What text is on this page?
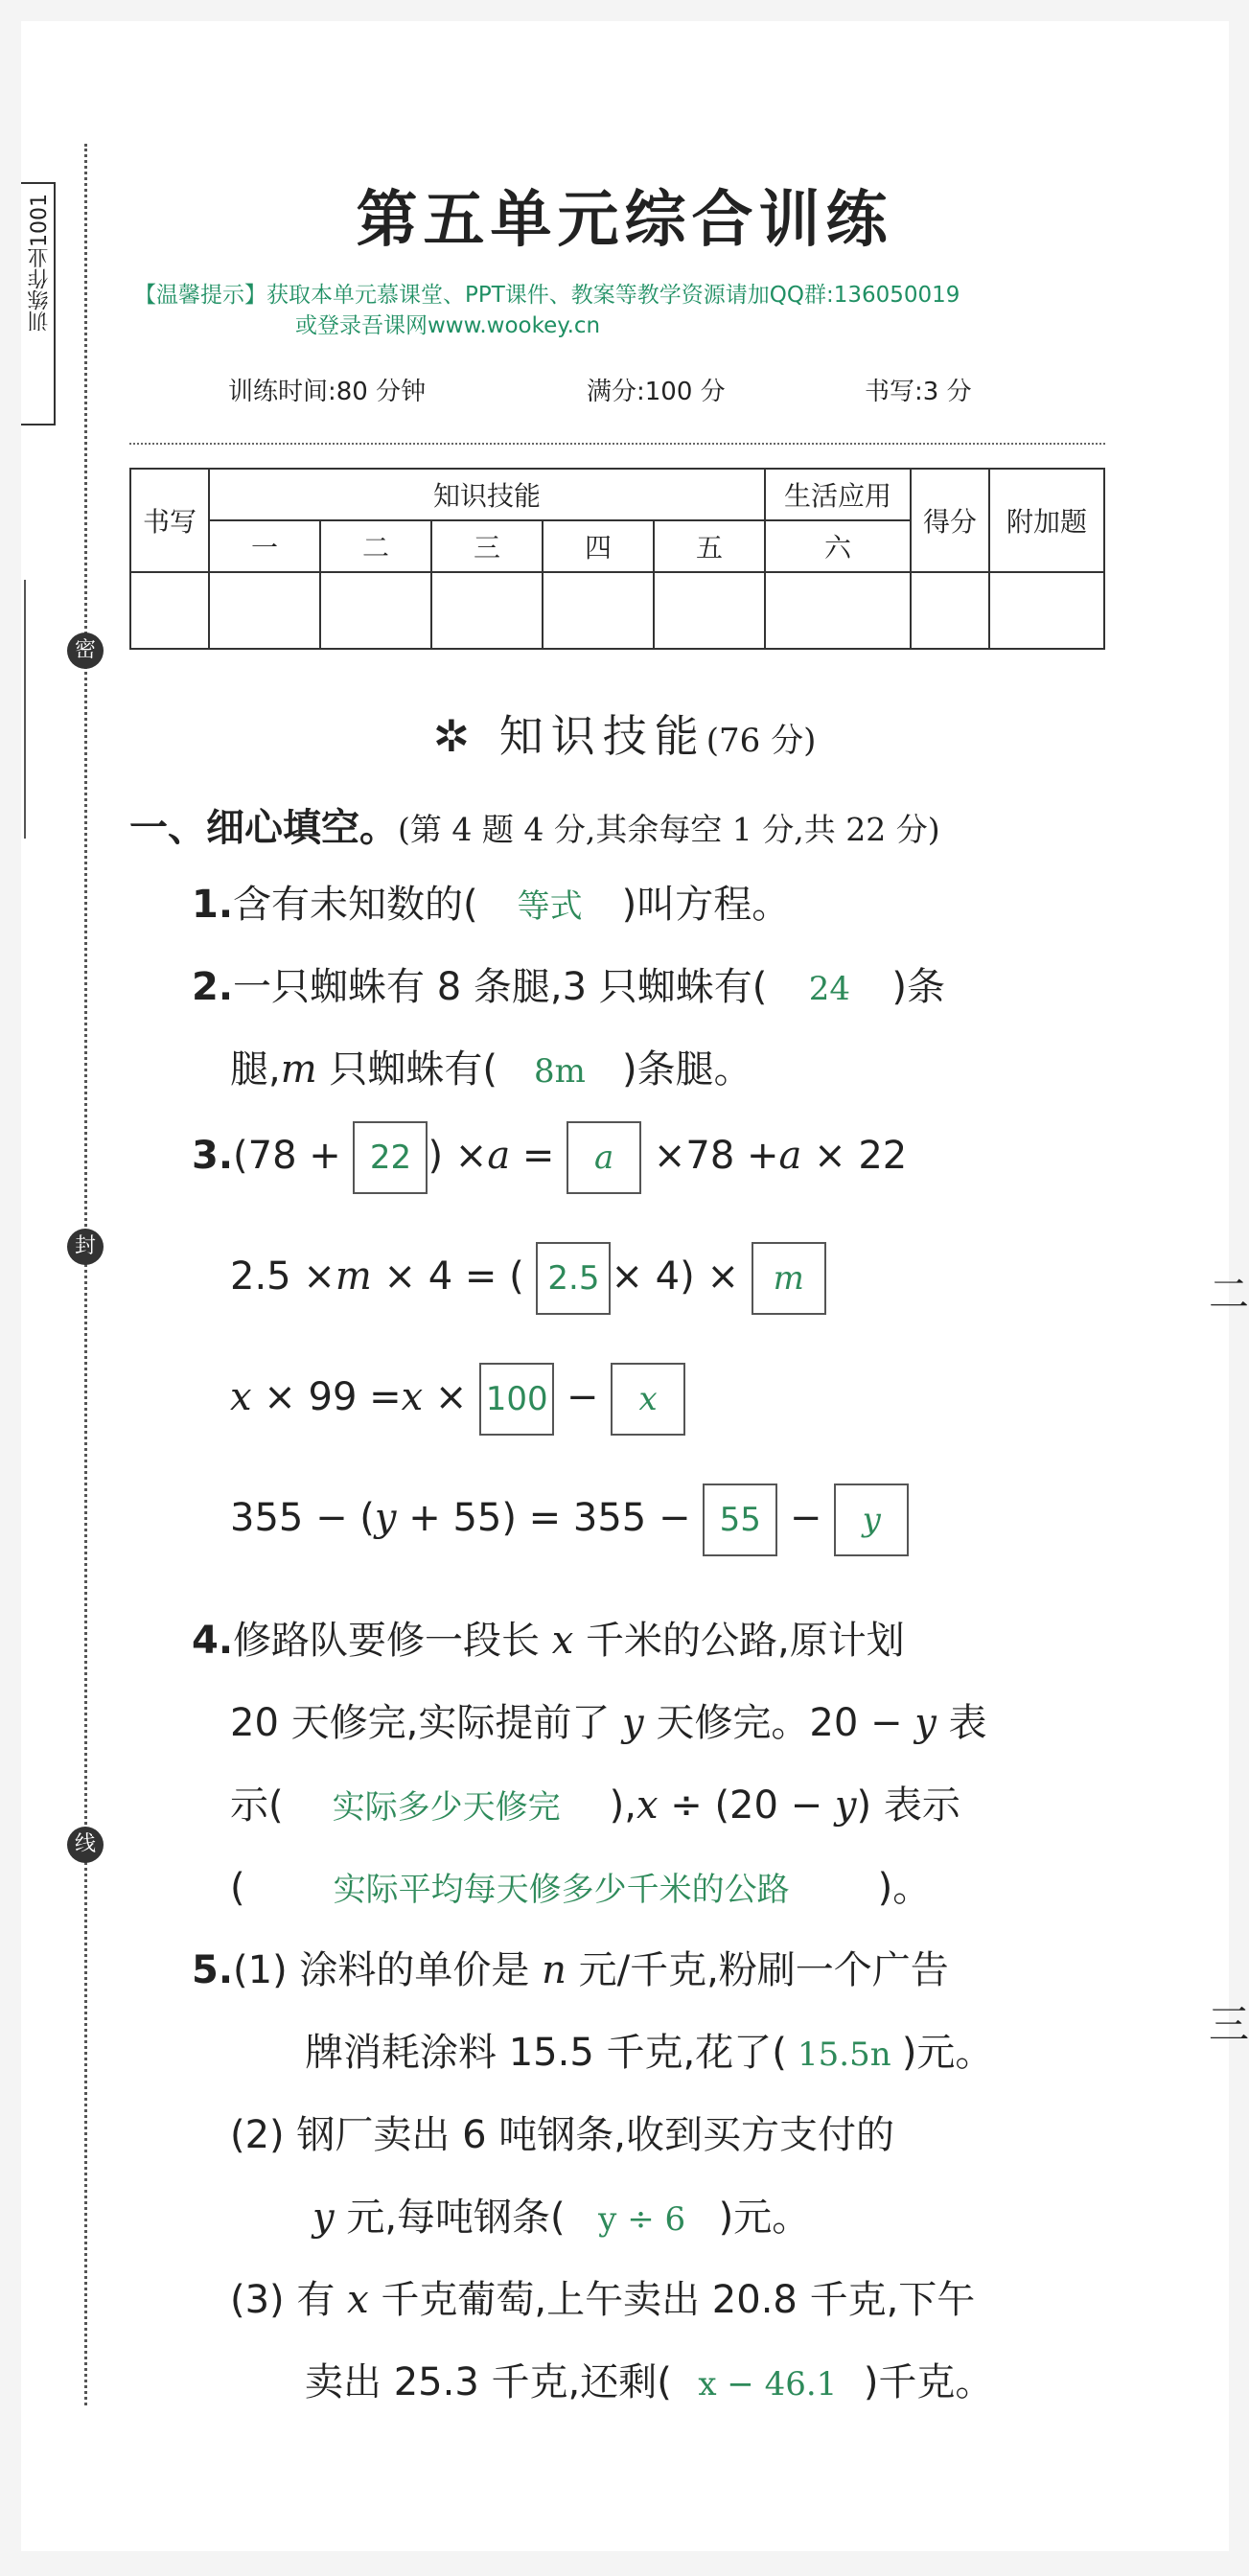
训练作业1001
密
封
线
二
三
第五单元综合训练
【温馨提示】获取本单元慕课堂、PPT课件、教案等教学资源请加QQ群:136050019
或登录吾课网www.wookey.cn
训练时间:80 分钟	满分:100 分	书写:3 分
书写	知识技能					生活应用	得分	附加题
	一	二	三	四	五	六		

✲ 知识技能(76 分)
一、细心填空。(第 4 题 4 分,其余每空 1 分,共 22 分)
1.含有未知数的( 等式 )叫方程。
2.一只蜘蛛有 8 条腿,3 只蜘蛛有( 24 )条
腿,m 只蜘蛛有( 8m )条腿。
3.(78 + 22 ) ×a = a ×78 +a × 22
2.5 ×m × 4 = ( 2.5 × 4) × m
x × 99 =x × 100 − x
355 − (y + 55) = 355 − 55 − y
4.修路队要修一段长 x 千米的公路,原计划
20 天修完,实际提前了 y 天修完。20 − y 表
示( 实际多少天修完 ),x ÷ (20 − y) 表示
(	实际平均每天修多少千米的公路 )。
5.(1) 涂料的单价是 n 元/千克,粉刷一个广告
牌消耗涂料 15.5 千克,花了( 15.5n )元。
(2) 钢厂卖出 6 吨钢条,收到买方支付的
y 元,每吨钢条( y ÷ 6 )元。
(3) 有 x 千克葡萄,上午卖出 20.8 千克,下午
卖出 25.3 千克,还剩( x − 46.1 )千克。
